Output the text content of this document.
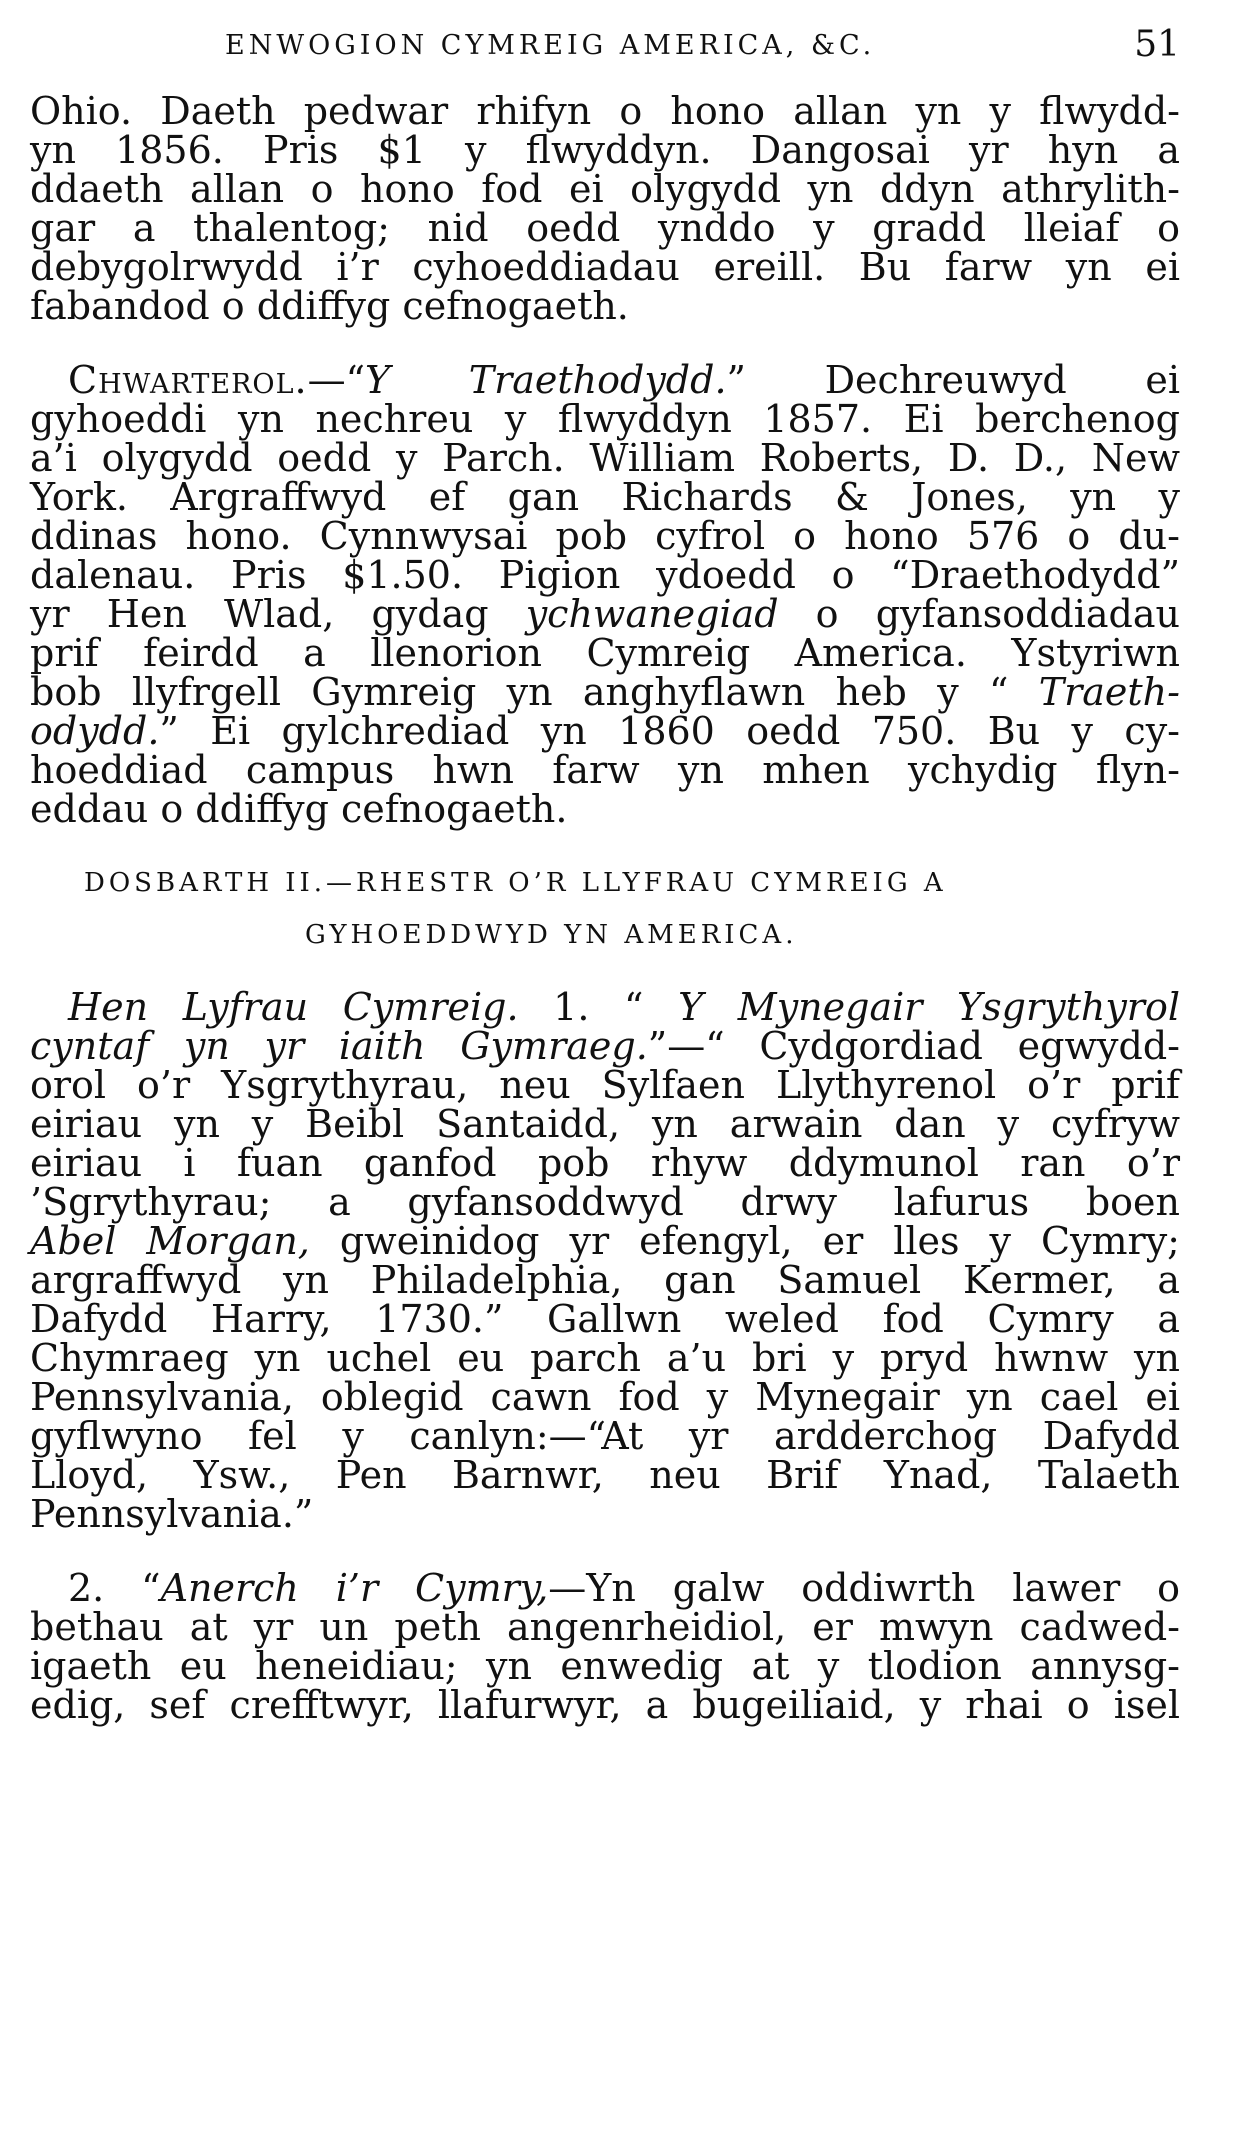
ENWOGION CYMREIG AMERICA, &C.	51
Ohio. Daeth pedwar rhifyn o hono allan yn y flwydd-
yn 1856. Pris $1 y flwyddyn. Dangosai yr hyn a
ddaeth allan o hono fod ei olygydd yn ddyn athrylith-
gar a thalentog; nid oedd ynddo y gradd lleiaf o
debygolrwydd i’r cyhoeddiadau ereill. Bu farw yn ei
fabandod o ddiffyg cefnogaeth.
Chwarterol.—“Y Traethodydd.” Dechreuwyd ei
gyhoeddi yn nechreu y flwyddyn 1857. Ei berchenog
a’i olygydd oedd y Parch. William Roberts, D. D., New
York. Argraffwyd ef gan Richards & Jones, yn y
ddinas hono. Cynnwysai pob cyfrol o hono 576 o du-
dalenau. Pris $1.50. Pigion ydoedd o “Draethodydd”
yr Hen Wlad, gydag ychwanegiad o gyfansoddiadau
prif feirdd a llenorion Cymreig America. Ystyriwn
bob llyfrgell Gymreig yn anghyflawn heb y “ Traeth-
odydd.” Ei gylchrediad yn 1860 oedd 750. Bu y cy-
hoeddiad campus hwn farw yn mhen ychydig flyn-
eddau o ddiffyg cefnogaeth.
DOSBARTH II.—RHESTR O’R LLYFRAU CYMREIG A
GYHOEDDWYD YN AMERICA.
Hen Lyfrau Cymreig. 1. “ Y Mynegair Ysgrythyrol
cyntaf yn yr iaith Gymraeg.”—“ Cydgordiad egwydd-
orol o’r Ysgrythyrau, neu Sylfaen Llythyrenol o’r prif
eiriau yn y Beibl Santaidd, yn arwain dan y cyfryw
eiriau i fuan ganfod pob rhyw ddymunol ran o’r
’Sgrythyrau; a gyfansoddwyd drwy lafurus boen
Abel Morgan, gweinidog yr efengyl, er lles y Cymry;
argraffwyd yn Philadelphia, gan Samuel Kermer, a
Dafydd Harry, 1730.” Gallwn weled fod Cymry a
Chymraeg yn uchel eu parch a’u bri y pryd hwnw yn
Pennsylvania, oblegid cawn fod y Mynegair yn cael ei
gyflwyno fel y canlyn:—“At yr ardderchog Dafydd
Lloyd, Ysw., Pen Barnwr, neu Brif Ynad, Talaeth
Pennsylvania.”
2. “Anerch i’r Cymry,—Yn galw oddiwrth lawer o
bethau at yr un peth angenrheidiol, er mwyn cadwed-
igaeth eu heneidiau; yn enwedig at y tlodion annysg-
edig, sef crefftwyr, llafurwyr, a bugeiliaid, y rhai o isel
